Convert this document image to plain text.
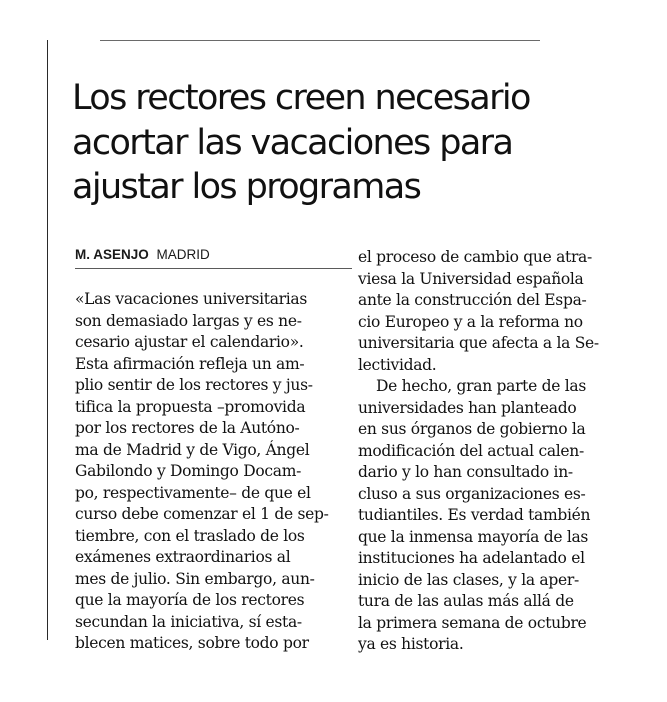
Los rectores creen necesario
acortar las vacaciones para
ajustar los programas
M. ASENJO MADRID
«Las vacaciones universitarias
son demasiado largas y es ne-
cesario ajustar el calendario».
Esta afirmación refleja un am-
plio sentir de los rectores y jus-
tifica la propuesta –promovida
por los rectores de la Autóno-
ma de Madrid y de Vigo, Ángel
Gabilondo y Domingo Docam-
po, respectivamente– de que el
curso debe comenzar el 1 de sep-
tiembre, con el traslado de los
exámenes extraordinarios al
mes de julio. Sin embargo, aun-
que la mayoría de los rectores
secundan la iniciativa, sí esta-
blecen matices, sobre todo por
el proceso de cambio que atra-
viesa la Universidad española
ante la construcción del Espa-
cio Europeo y a la reforma no
universitaria que afecta a la Se-
lectividad.
De hecho, gran parte de las
universidades han planteado
en sus órganos de gobierno la
modificación del actual calen-
dario y lo han consultado in-
cluso a sus organizaciones es-
tudiantiles. Es verdad también
que la inmensa mayoría de las
instituciones ha adelantado el
inicio de las clases, y la aper-
tura de las aulas más allá de
la primera semana de octubre
ya es historia.
